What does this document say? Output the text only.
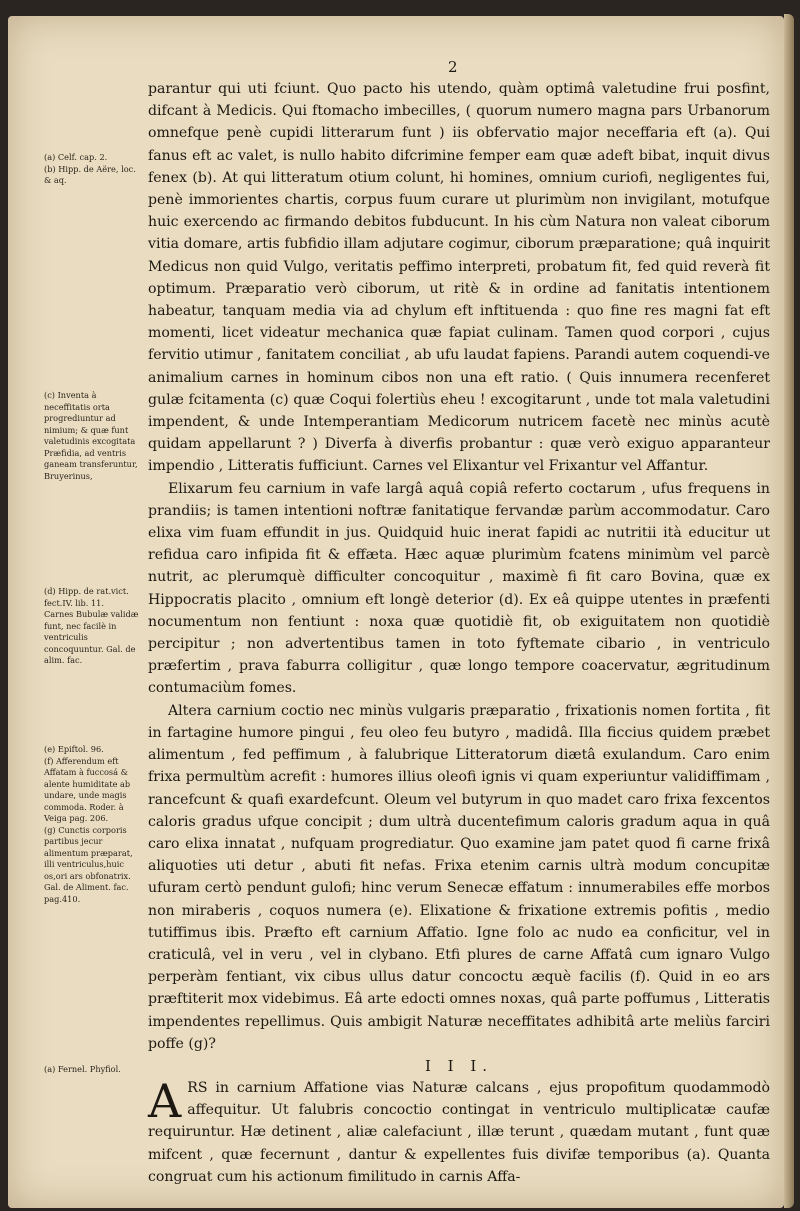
2
(a) Celf. cap. 2.
(b) Hipp. de Aëre, loc. & aq.
(c) Inventa à neceffitatis orta progrediuntur ad nimium; & quæ funt valetudinis excogitata Præfidia, ad ventris ganeam transferuntur, Bruyerinus,
(d) Hipp. de rat.vict. fect.IV. lib. 11.
Carnes Bubulæ validæ funt, nec facilè in ventriculis concoquuntur. Gal. de alim. fac.
(e) Epiftol. 96.
(f) Afferendum eft Affatam à fuccosá & alente humiditate ab undare, unde magis commoda. Roder. à Veiga pag. 206.
(g) Cunctis corporis partibus jecur alimentum præparat, illi ventriculus,huic os,ori ars obfonatrix. Gal. de Aliment. fac. pag.410.
(a) Fernel. Phyfiol.

parantur qui uti fciunt. Quo pacto his utendo, quàm optimâ valetudine frui posfint, difcant à Medicis. Qui ftomacho imbecilles, ( quorum numero magna pars Urbanorum omnefque penè cupidi litterarum funt ) iis obfervatio major neceffaria eft (a). Qui fanus eft ac valet, is nullo habito difcrimine femper eam quæ adeft bibat, inquit divus fenex (b). At qui litteratum otium colunt, hi homines, omnium curiofi, negligentes fui, penè immorientes chartis, corpus fuum curare ut plurimùm non invigilant, motufque huic exercendo ac firmando debitos fubducunt. In his cùm Natura non valeat ciborum vitia domare, artis fubfidio illam adjutare cogimur, ciborum præparatione; quâ inquirit Medicus non quid Vulgo, veritatis peffimo interpreti, probatum fit, fed quid reverà fit optimum. Præparatio verò ciborum, ut ritè & in ordine ad fanitatis intentionem habeatur, tanquam media via ad chylum eft inftituenda : quo fine res magni fat eft momenti, licet videatur mechanica quæ fapiat culinam. Tamen quod corpori , cujus fervitio utimur , fanitatem conciliat , ab ufu laudat fapiens. Parandi autem coquendi-ve animalium carnes in hominum cibos non una eft ratio. ( Quis innumera recenferet gulæ fcitamenta (c) quæ Coqui folertiùs eheu ! excogitarunt , unde tot mala valetudini impendent, & unde Intemperantiam Medicorum nutricem facetè nec minùs acutè quidam appellarunt ? ) Diverfa à diverfis probantur : quæ verò exiguo apparanteur impendio , Litteratis fufficiunt. Carnes vel Elixantur vel Frixantur vel Affantur.

Elixarum feu carnium in vafe largâ aquâ copiâ referto coctarum , ufus frequens in prandiis; is tamen intentioni noftræ fanitatique fervandæ parùm accommodatur. Caro elixa vim fuam effundit in jus. Quidquid huic inerat fapidi ac nutritii ità educitur ut refidua caro infipida fit & effæta. Hæc aquæ plurimùm fcatens minimùm vel parcè nutrit, ac plerumquè difficulter concoquitur , maximè fi fit caro Bovina, quæ ex Hippocratis placito , omnium eft longè deterior (d). Ex eâ quippe utentes in præfenti nocumentum non fentiunt : noxa quæ quotidiè fit, ob exiguitatem non quotidiè percipitur ; non advertentibus tamen in toto fyftemate cibario , in ventriculo præfertim , prava faburra colligitur , quæ longo tempore coacervatur, ægritudinum contumaciùm fomes.

Altera carnium coctio nec minùs vulgaris præparatio , frixationis nomen fortita , fit in fartagine humore pingui , feu oleo feu butyro , madidâ. Illa ficcius quidem præbet alimentum , fed peffimum , à falubrique Litteratorum diætâ exulandum. Caro enim frixa permultùm acrefit : humores illius oleofi ignis vi quam experiuntur validiffimam , rancefcunt & quafi exardefcunt. Oleum vel butyrum in quo madet caro frixa fexcentos caloris gradus ufque concipit ; dum ultrà ducentefimum caloris gradum aqua in quâ caro elixa innatat , nufquam progrediatur. Quo examine jam patet quod fi carne frixâ aliquoties uti detur , abuti fit nefas. Frixa etenim carnis ultrà modum concupitæ ufuram certò pendunt gulofi; hinc verum Senecæ effatum : innumerabiles effe morbos non miraberis , coquos numera (e). Elixatione & frixatione extremis pofitis , medio tutiffimus ibis. Præfto eft carnium Affatio. Igne folo ac nudo ea conficitur, vel in craticulâ, vel in veru , vel in clybano. Etfi plures de carne Affatâ cum ignaro Vulgo perperàm fentiant, vix cibus ullus datur concoctu æquè facilis (f). Quid in eo ars præftiterit mox videbimus. Eâ arte edocti omnes noxas, quâ parte poffumus , Litteratis impendentes repellimus. Quis ambigit Naturæ neceffitates adhibitâ arte meliùs farciri poffe (g)?

I I I.

ARS in carnium Affatione vias Naturæ calcans , ejus propofitum quodammodò affequitur. Ut falubris concoctio contingat in ventriculo multiplicatæ caufæ requiruntur. Hæ detinent , aliæ calefaciunt , illæ terunt , quædam mutant , funt quæ mifcent , quæ fecernunt , dantur & expellentes fuis divifæ temporibus (a). Quanta congruat cum his actionum fimilitudo in carnis Affa-
